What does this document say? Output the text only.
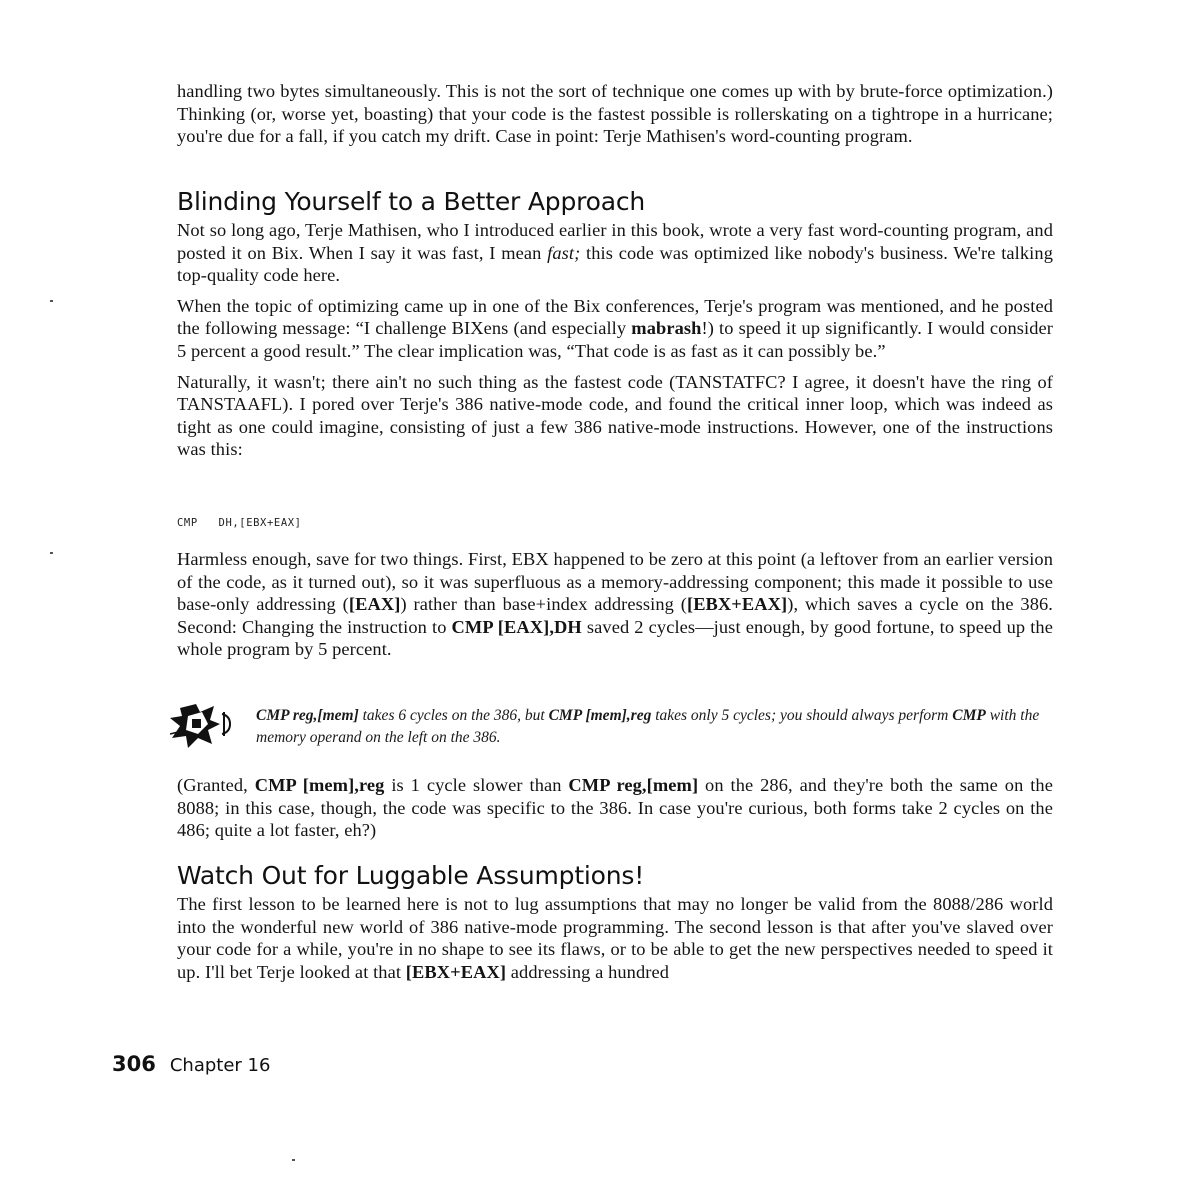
handling two bytes simultaneously. This is not the sort of technique one comes up with by brute-force optimization.) Thinking (or, worse yet, boasting) that your code is the fastest possible is rollerskating on a tightrope in a hurricane; you're due for a fall, if you catch my drift. Case in point: Terje Mathisen's word-counting program.

Blinding Yourself to a Better Approach

Not so long ago, Terje Mathisen, who I introduced earlier in this book, wrote a very fast word-counting program, and posted it on Bix. When I say it was fast, I mean fast; this code was optimized like nobody's business. We're talking top-quality code here.

When the topic of optimizing came up in one of the Bix conferences, Terje's program was mentioned, and he posted the following message: “I challenge BIXens (and especially mabrash!) to speed it up significantly. I would consider 5 percent a good result.” The clear implication was, “That code is as fast as it can possibly be.”

Naturally, it wasn't; there ain't no such thing as the fastest code (TANSTATFC? I agree, it doesn't have the ring of TANSTAAFL). I pored over Terje's 386 native-mode code, and found the critical inner loop, which was indeed as tight as one could imagine, consisting of just a few 386 native-mode instructions. However, one of the instructions was this:

CMP   DH,[EBX+EAX]

Harmless enough, save for two things. First, EBX happened to be zero at this point (a leftover from an earlier version of the code, as it turned out), so it was superfluous as a memory-addressing component; this made it possible to use base-only addressing ([EAX]) rather than base+index addressing ([EBX+EAX]), which saves a cycle on the 386. Second: Changing the instruction to CMP [EAX],DH saved 2 cycles—just enough, by good fortune, to speed up the whole program by 5 percent.

CMP reg,[mem] takes 6 cycles on the 386, but CMP [mem],reg takes only 5 cycles; you should always perform CMP with the memory operand on the left on the 386.

(Granted, CMP [mem],reg is 1 cycle slower than CMP reg,[mem] on the 286, and they're both the same on the 8088; in this case, though, the code was specific to the 386. In case you're curious, both forms take 2 cycles on the 486; quite a lot faster, eh?)

Watch Out for Luggable Assumptions!

The first lesson to be learned here is not to lug assumptions that may no longer be valid from the 8088/286 world into the wonderful new world of 386 native-mode programming. The second lesson is that after you've slaved over your code for a while, you're in no shape to see its flaws, or to be able to get the new perspectives needed to speed it up. I'll bet Terje looked at that [EBX+EAX] addressing a hundred

306 Chapter 16
